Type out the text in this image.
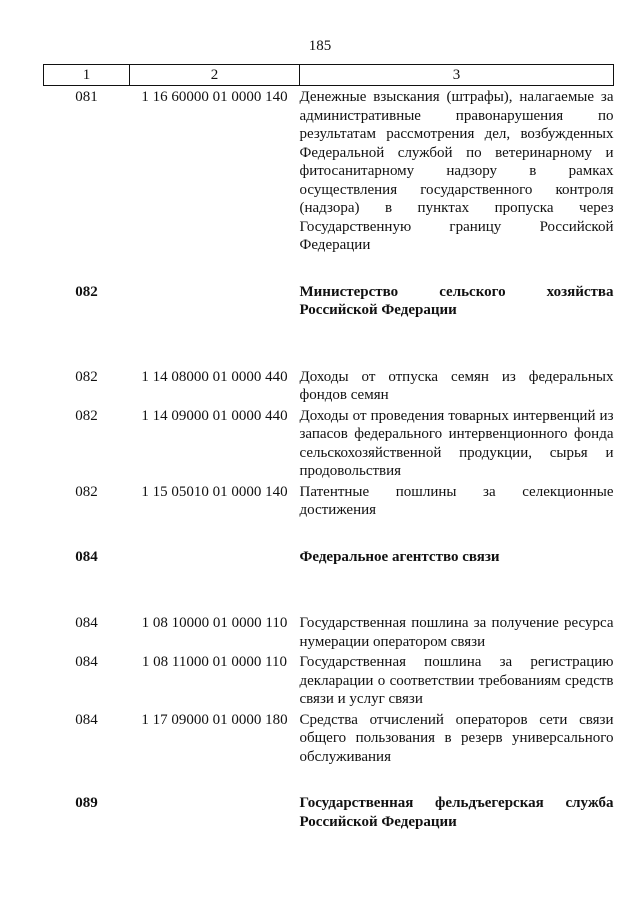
185
1	2	3
081	1 16 60000 01 0000 140	Денежные взыскания (штрафы), налагаемые за административные правонарушения по результатам рассмотрения дел, возбужденных Федеральной службой по ветеринарному и фитосанитарному надзору в рамках осуществления государственного контроля (надзора) в пунктах пропуска через Государственную границу Российской Федерации
082		Министерство сельского хозяйства Российской Федерации
082	1 14 08000 01 0000 440	Доходы от отпуска семян из федеральных фондов семян
082	1 14 09000 01 0000 440	Доходы от проведения товарных интервенций из запасов федерального интервенционного фонда сельскохозяйственной продукции, сырья и продовольствия
082	1 15 05010 01 0000 140	Патентные пошлины за селекционные достижения
084		Федеральное агентство связи
084	1 08 10000 01 0000 110	Государственная пошлина за получение ресурса нумерации оператором связи
084	1 08 11000 01 0000 110	Государственная пошлина за регистрацию декларации о соответствии требованиям средств связи и услуг связи
084	1 17 09000 01 0000 180	Средства отчислений операторов сети связи общего пользования в резерв универсального обслуживания
089		Государственная фельдъегерская служба Российской Федерации
